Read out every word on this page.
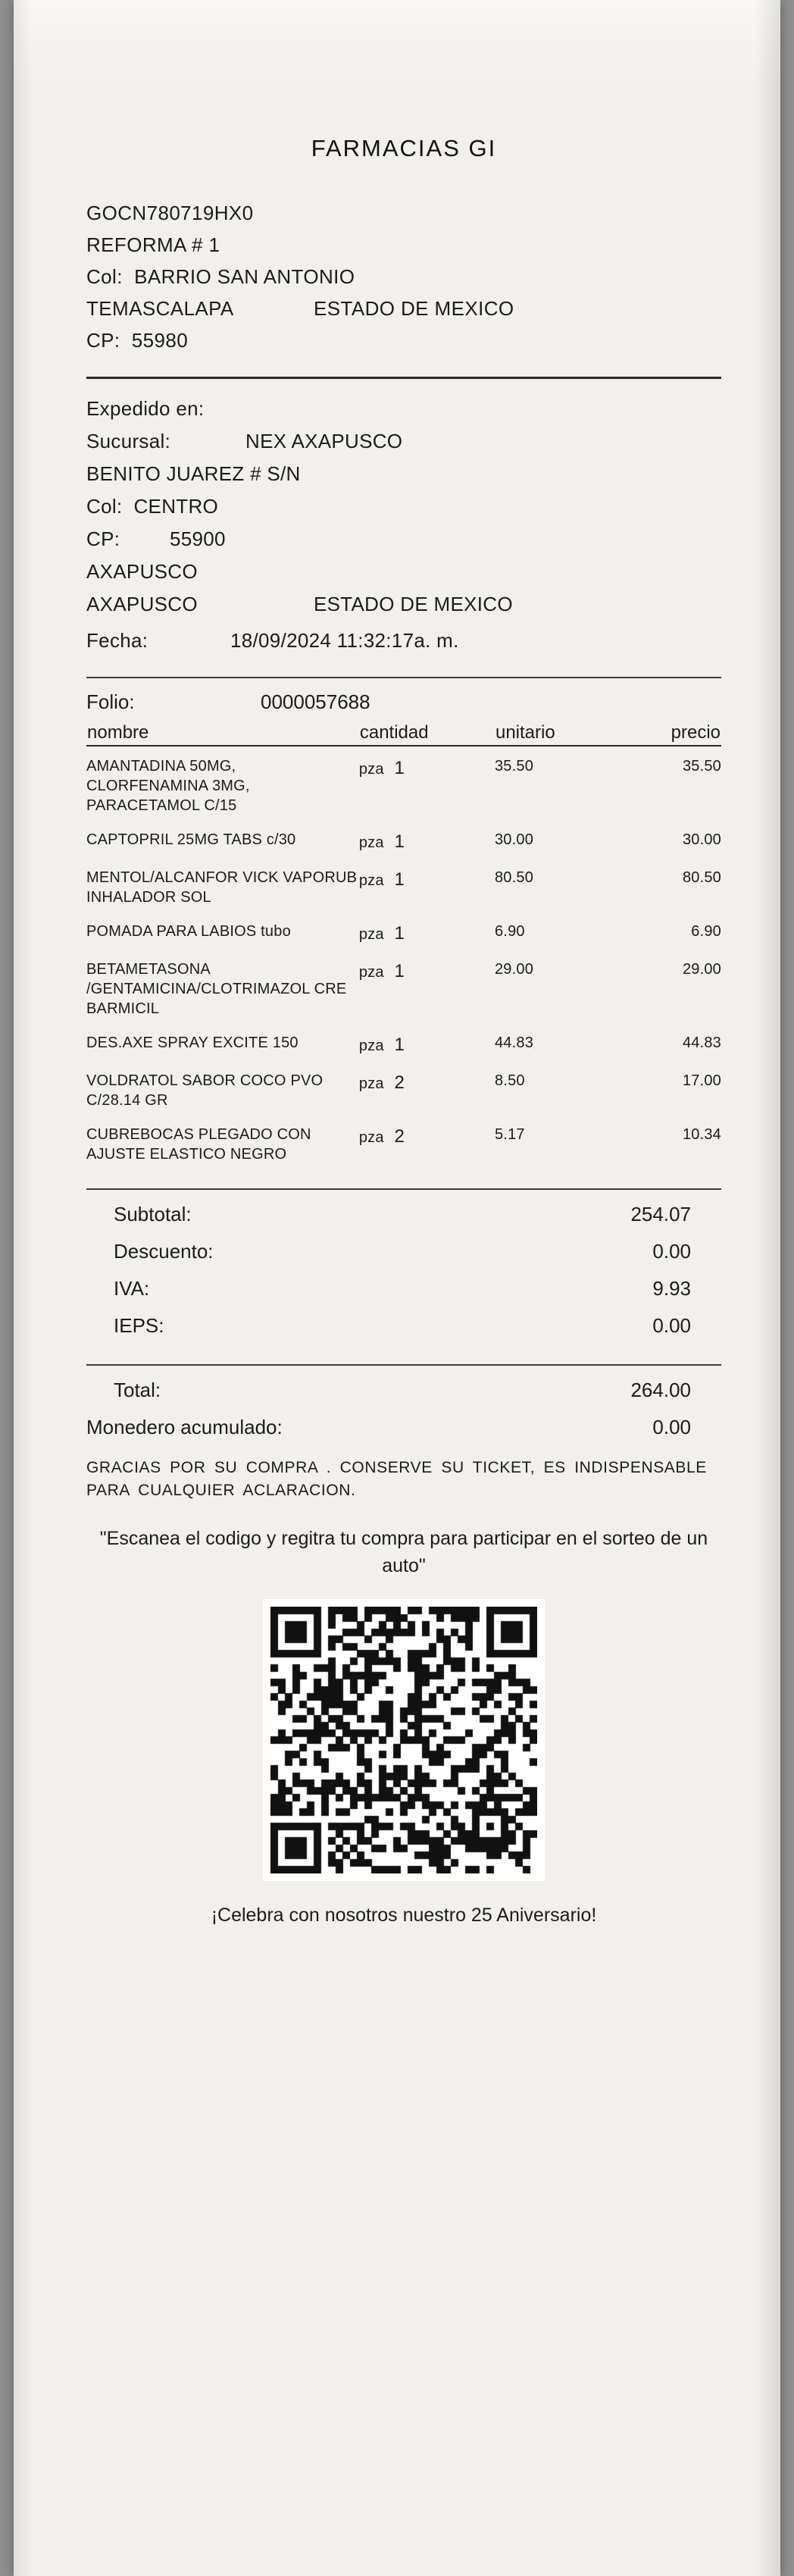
FARMACIAS GI
GOCN780719HX0
REFORMA # 1
Col:  BARRIO SAN ANTONIO
TEMASCALAPA	ESTADO DE MEXICO
CP:  55980
Expedido en:
Sucursal:	NEX AXAPUSCO
BENITO JUAREZ # S/N
Col:  CENTRO
CP:	55900
AXAPUSCO
AXAPUSCO	ESTADO DE MEXICO
Fecha:	18/09/2024 11:32:17a. m.
Folio:	0000057688
nombre	cantidad	unitario	precio
AMANTADINA 50MG, CLORFENAMINA 3MG, PARACETAMOL C/15	pza 1	35.50	35.50
CAPTOPRIL 25MG TABS c/30	pza 1	30.00	30.00
MENTOL/ALCANFOR VICK VAPORUB INHALADOR SOL	pza 1	80.50	80.50
POMADA PARA LABIOS tubo	pza 1	6.90	6.90
BETAMETASONA /GENTAMICINA/CLOTRIMAZOL CRE BARMICIL	pza 1	29.00	29.00
DES.AXE SPRAY EXCITE 150	pza 1	44.83	44.83
VOLDRATOL SABOR COCO PVO C/28.14 GR	pza 2	8.50	17.00
CUBREBOCAS PLEGADO CON AJUSTE ELASTICO NEGRO	pza 2	5.17	10.34
Subtotal:	254.07
Descuento:	0.00
IVA:	9.93
IEPS:	0.00
Total:	264.00
Monedero acumulado:	0.00
GRACIAS POR SU COMPRA . CONSERVE SU TICKET, ES INDISPENSABLE PARA CUALQUIER ACLARACION.
"Escanea el codigo y regitra tu compra para participar en el sorteo de un auto"
¡Celebra con nosotros nuestro 25 Aniversario!
